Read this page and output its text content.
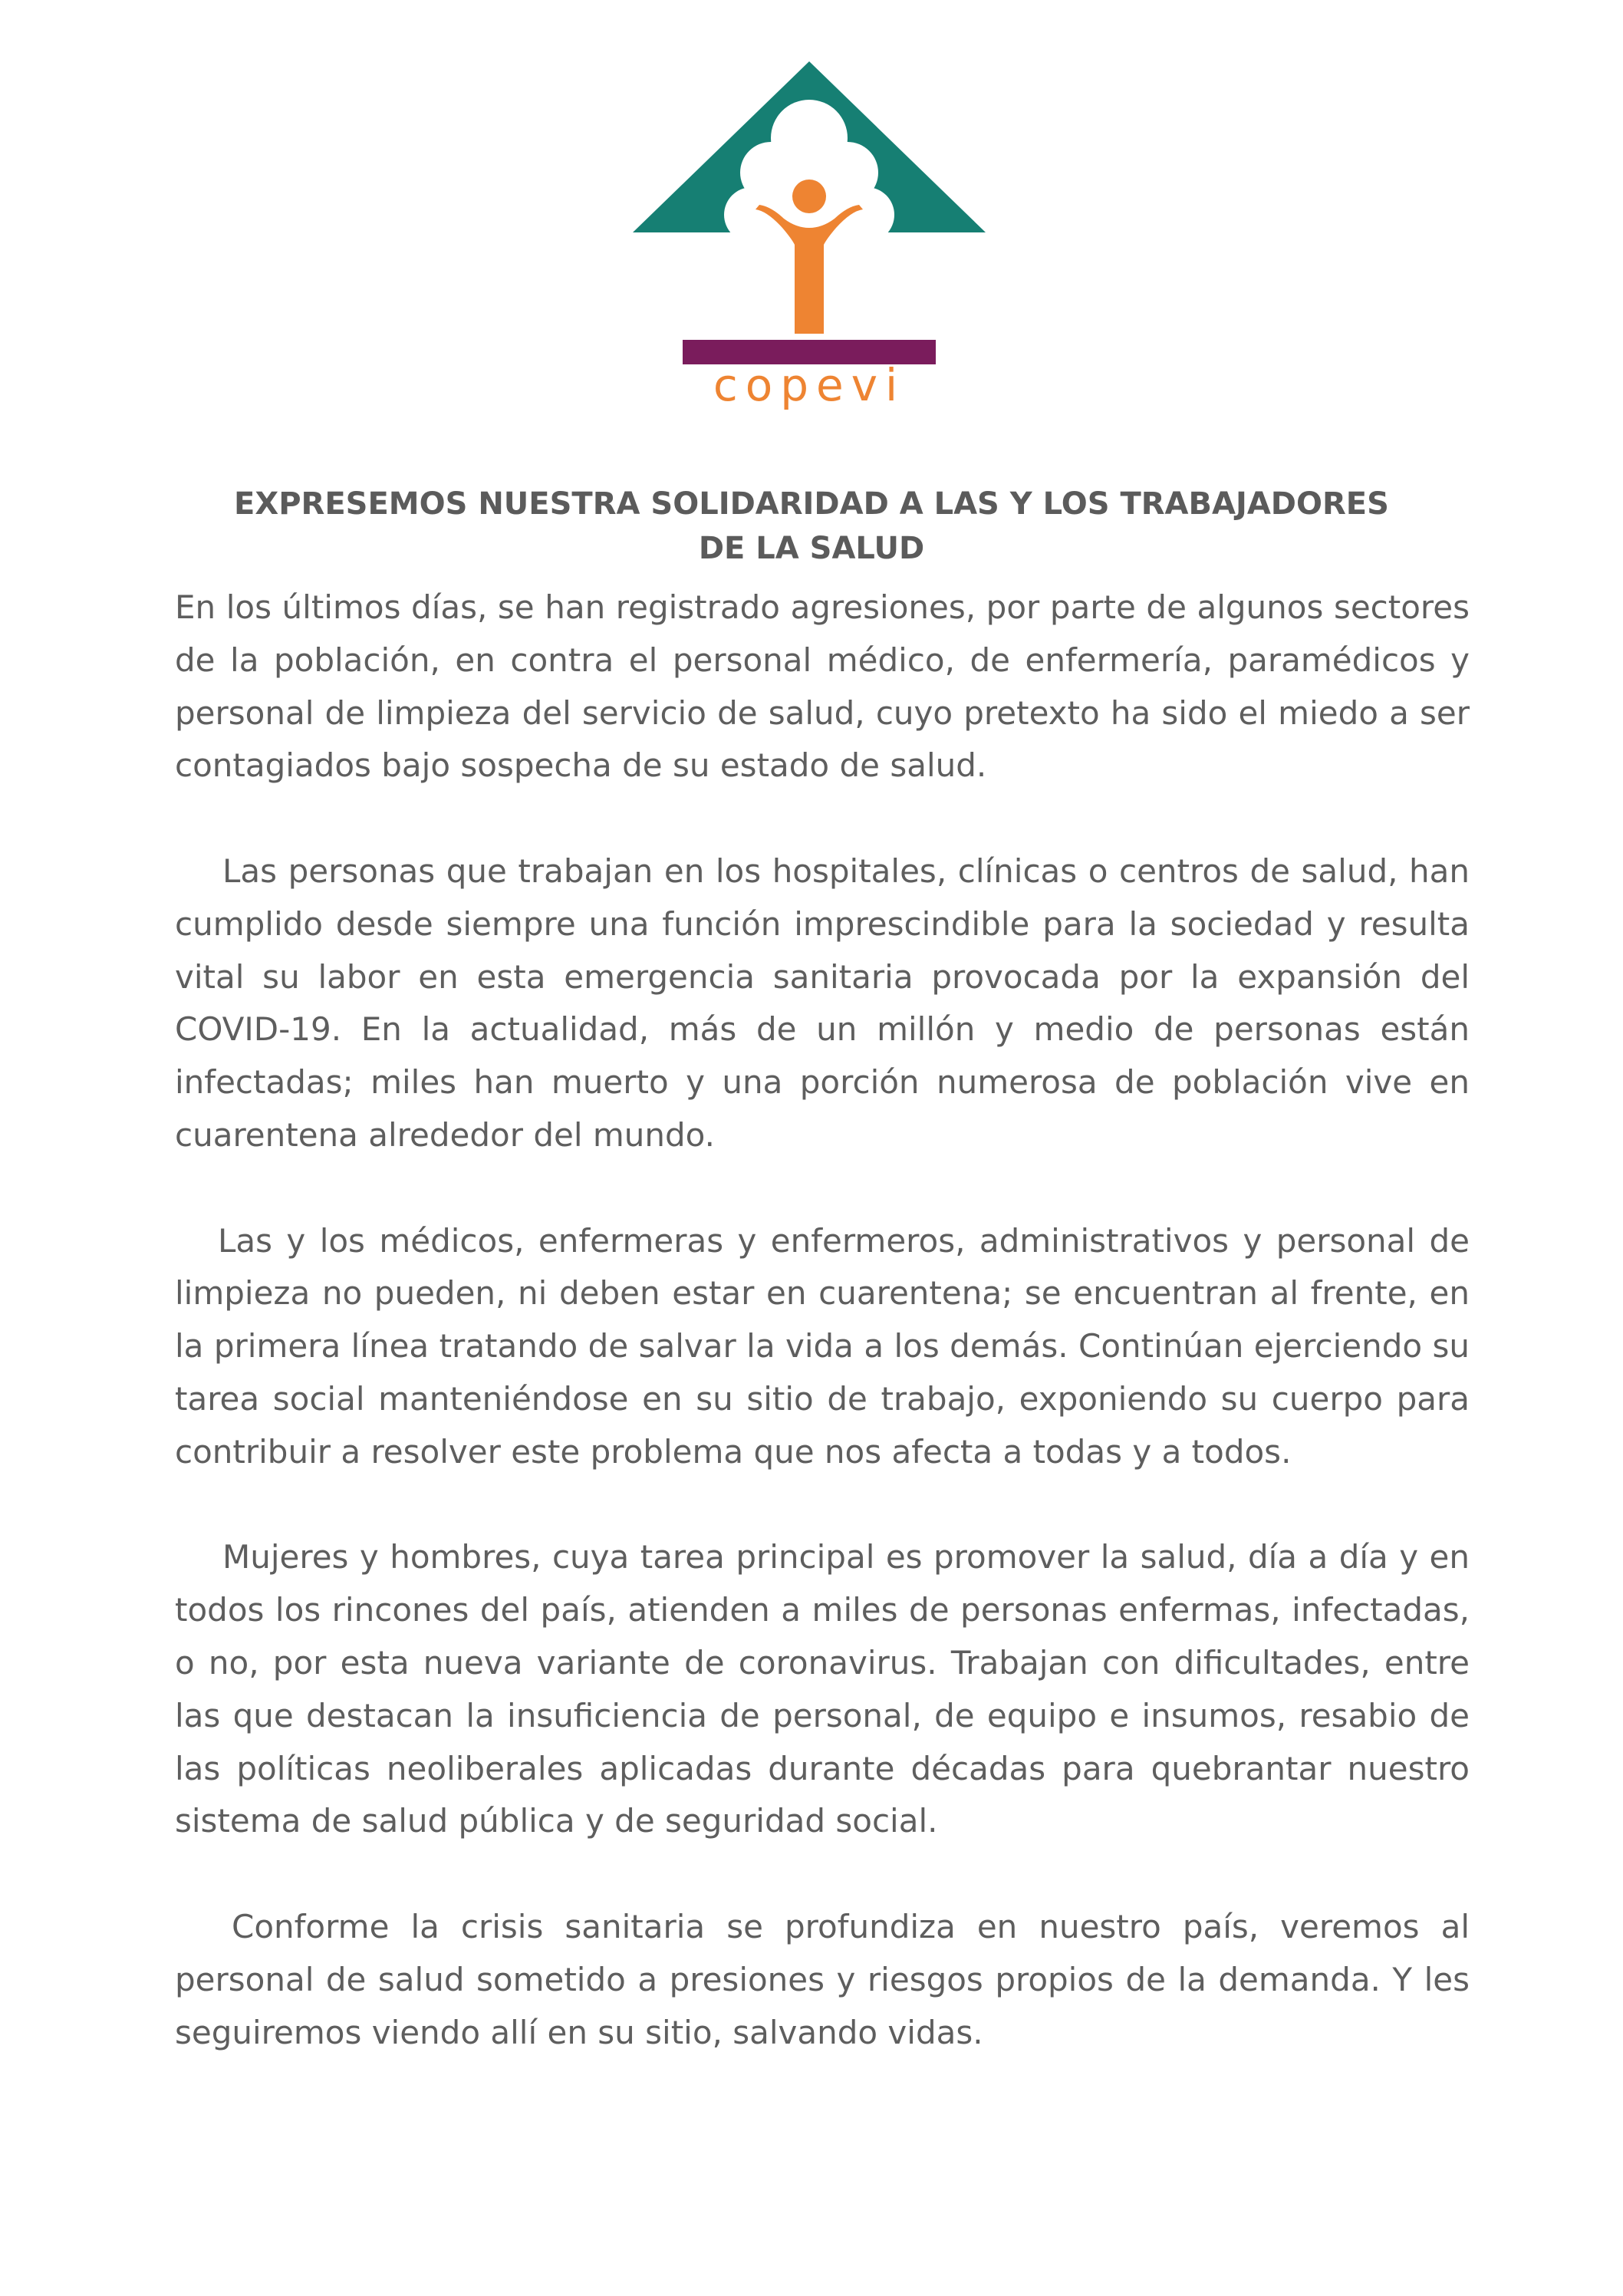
copevi
EXPRESEMOS NUESTRA SOLIDARIDAD A LAS Y LOS TRABAJADORES DE LA SALUD

En los últimos días, se han registrado agresiones, por parte de algunos sectores de la población, en contra el personal médico, de enfermería, paramédicos y personal de limpieza del servicio de salud, cuyo pretexto ha sido el miedo a ser contagiados bajo sospecha de su estado de salud.

Las personas que trabajan en los hospitales, clínicas o centros de salud, han cumplido desde siempre una función imprescindible para la sociedad y resulta vital su labor en esta emergencia sanitaria provocada por la expansión del COVID-19. En la actualidad, más de un millón y medio de personas están infectadas; miles han muerto y una porción numerosa de población vive en cuarentena alrededor del mundo.

Las y los médicos, enfermeras y enfermeros, administrativos y personal de limpieza no pueden, ni deben estar en cuarentena; se encuentran al frente, en la primera línea tratando de salvar la vida a los demás. Continúan ejerciendo su tarea social manteniéndose en su sitio de trabajo, exponiendo su cuerpo para contribuir a resolver este problema que nos afecta a todas y a todos.

Mujeres y hombres, cuya tarea principal es promover la salud, día a día y en todos los rincones del país, atienden a miles de personas enfermas, infectadas, o no, por esta nueva variante de coronavirus. Trabajan con dificultades, entre las que destacan la insuficiencia de personal, de equipo e insumos, resabio de las políticas neoliberales aplicadas durante décadas para quebrantar nuestro sistema de salud pública y de seguridad social.

Conforme la crisis sanitaria se profundiza en nuestro país, veremos al personal de salud sometido a presiones y riesgos propios de la demanda. Y les seguiremos viendo allí en su sitio, salvando vidas.
